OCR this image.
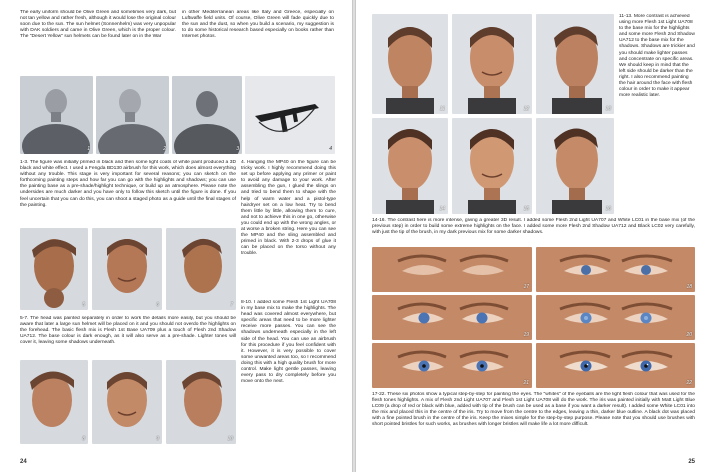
The early uniform should be Olive Green and sometimes very dark, but not tan yellow and rather fresh, although it would lose the original colour soon due to the sun. The sun helmet (Sonnenhelm) was very unpopular with DAK soldiers and came in Olive Green, which is the proper colour. The "Desert Yellow" sun helmets can be found later on in the War
in other Mediterranean areas like Italy and Greece, especially on Luftwaffe field units. Of course, Olive Green will fade quickly due to the sun and the dust, so when you build a scenario, my suggestion is to do some historical research based especially on books rather than Internet photos.
1	2	3	4
1-3. The figure was initially primed in black and then some light coats of white paint produced a 3D black and white effect. I used a Fengda BD130 airbrush for this work, which does almost everything without any trouble. This stage is very important for several reasons; you can sketch on the forthcoming painting steps and how far you can go with the highlights and shadows; you can use the painting base as a pre-shade/highlight technique, or build up an atmosphere. Please note the undersides are much darker and you have only to follow this sketch until the figure is done. If you feel uncertain that you can do this, you can shoot a staged photo as a guide until the final stages of the painting.
4. Hanging the MP40 on the figure can be tricky work. I highly recommend doing this set up before applying any primer or paint to avoid any damage to your work. After assembling the gun, I glued the slings on and tried to bend them to shape with the help of warm water and a pistol-type hairdryer set on a low heat. Try to bend them little by little, allowing them to cure, and not to achieve this in one go, otherwise you could end up with the wrong angles, or at worse a broken string. Here you can see the MP40 and the sling assembled and primed in black. With 2-3 drops of glue it can be placed on the torso without any trouble.
5	6	7
5-7. The head was painted separately in order to work the details more easily, but you should be aware that later a large sun helmet will be placed on it and you should not overdo the highlights on the forehead. The basic flesh mix is Flesh 1st Base UA709 plus a touch of Flesh 2nd Shadow UA712. The base colour is dark enough, as it will also serve as a pre-shade. Lighter tones will cover it, leaving some shadows underneath.
8-10. I added some Flesh 1st Light UA708 in my base mix to make the highlights. The head was covered almost everywhere, but specific areas that need to be more lighter receive more passes. You can see the shadows underneath especially in the left side of the head. You can use an airbrush for this procedure if you feel confident with it. However, it is very possible to cover some unwanted areas too, so I recommend doing this with a high quality brush for more control. Make light gentle passes, leaving every pass to dry completely before you move onto the next.
8	9	10
24
11	12	13
11-13. More contrast is achieved using more Flesh 1st Light UA708 to the base mix for the highlights and some more Flesh 2nd Shadow UA712 to the base mix for the shadows. Shadows are trickier and you should make lighter passes and concentrate on specific areas. We should keep in mind that the left side should be darker than the right. I also recommend painting the hair around the face with flesh colour in order to make it appear more realistic later.
14	15	16
14-16. The contrast here is more intense, giving a greater 3D result. I added some Flesh 2nd Light UA707 and White LC01 in the base mix (of the previous step) in order to build some extreme highlights on the face. I added some more Flesh 2nd Shadow UA712 and Black LC02 very carefully, with just the tip of the brush, in my dark previous mix for some darker shadows.
17	18
19	20
21	22
17-22. These six photos show a typical step-by-step for painting the eyes. The "whites" of the eyeballs are the light flesh colour that was used for the flesh tones highlights. A mix of Flesh 2nd Light UA707 and Flesh 1st Light UA708 will do the work. The iris was painted initially with Matt Light Blue LC09 (a drop of red or black with blue, added with tip of the brush can be used as a base if you want a darker result). I added some White LC01 into the mix and placed this in the centre of the iris. Try to move from the centre to the edges, leaving a thin, darker blue outline. A black dot was placed with a fine pointed brush in the centre of the iris. Keep the mixes simple for the step-by-step purpose. Please note that you should use brushes with short pointed bristles for such works, as brushes with longer bristles will make life a lot more difficult.
25
